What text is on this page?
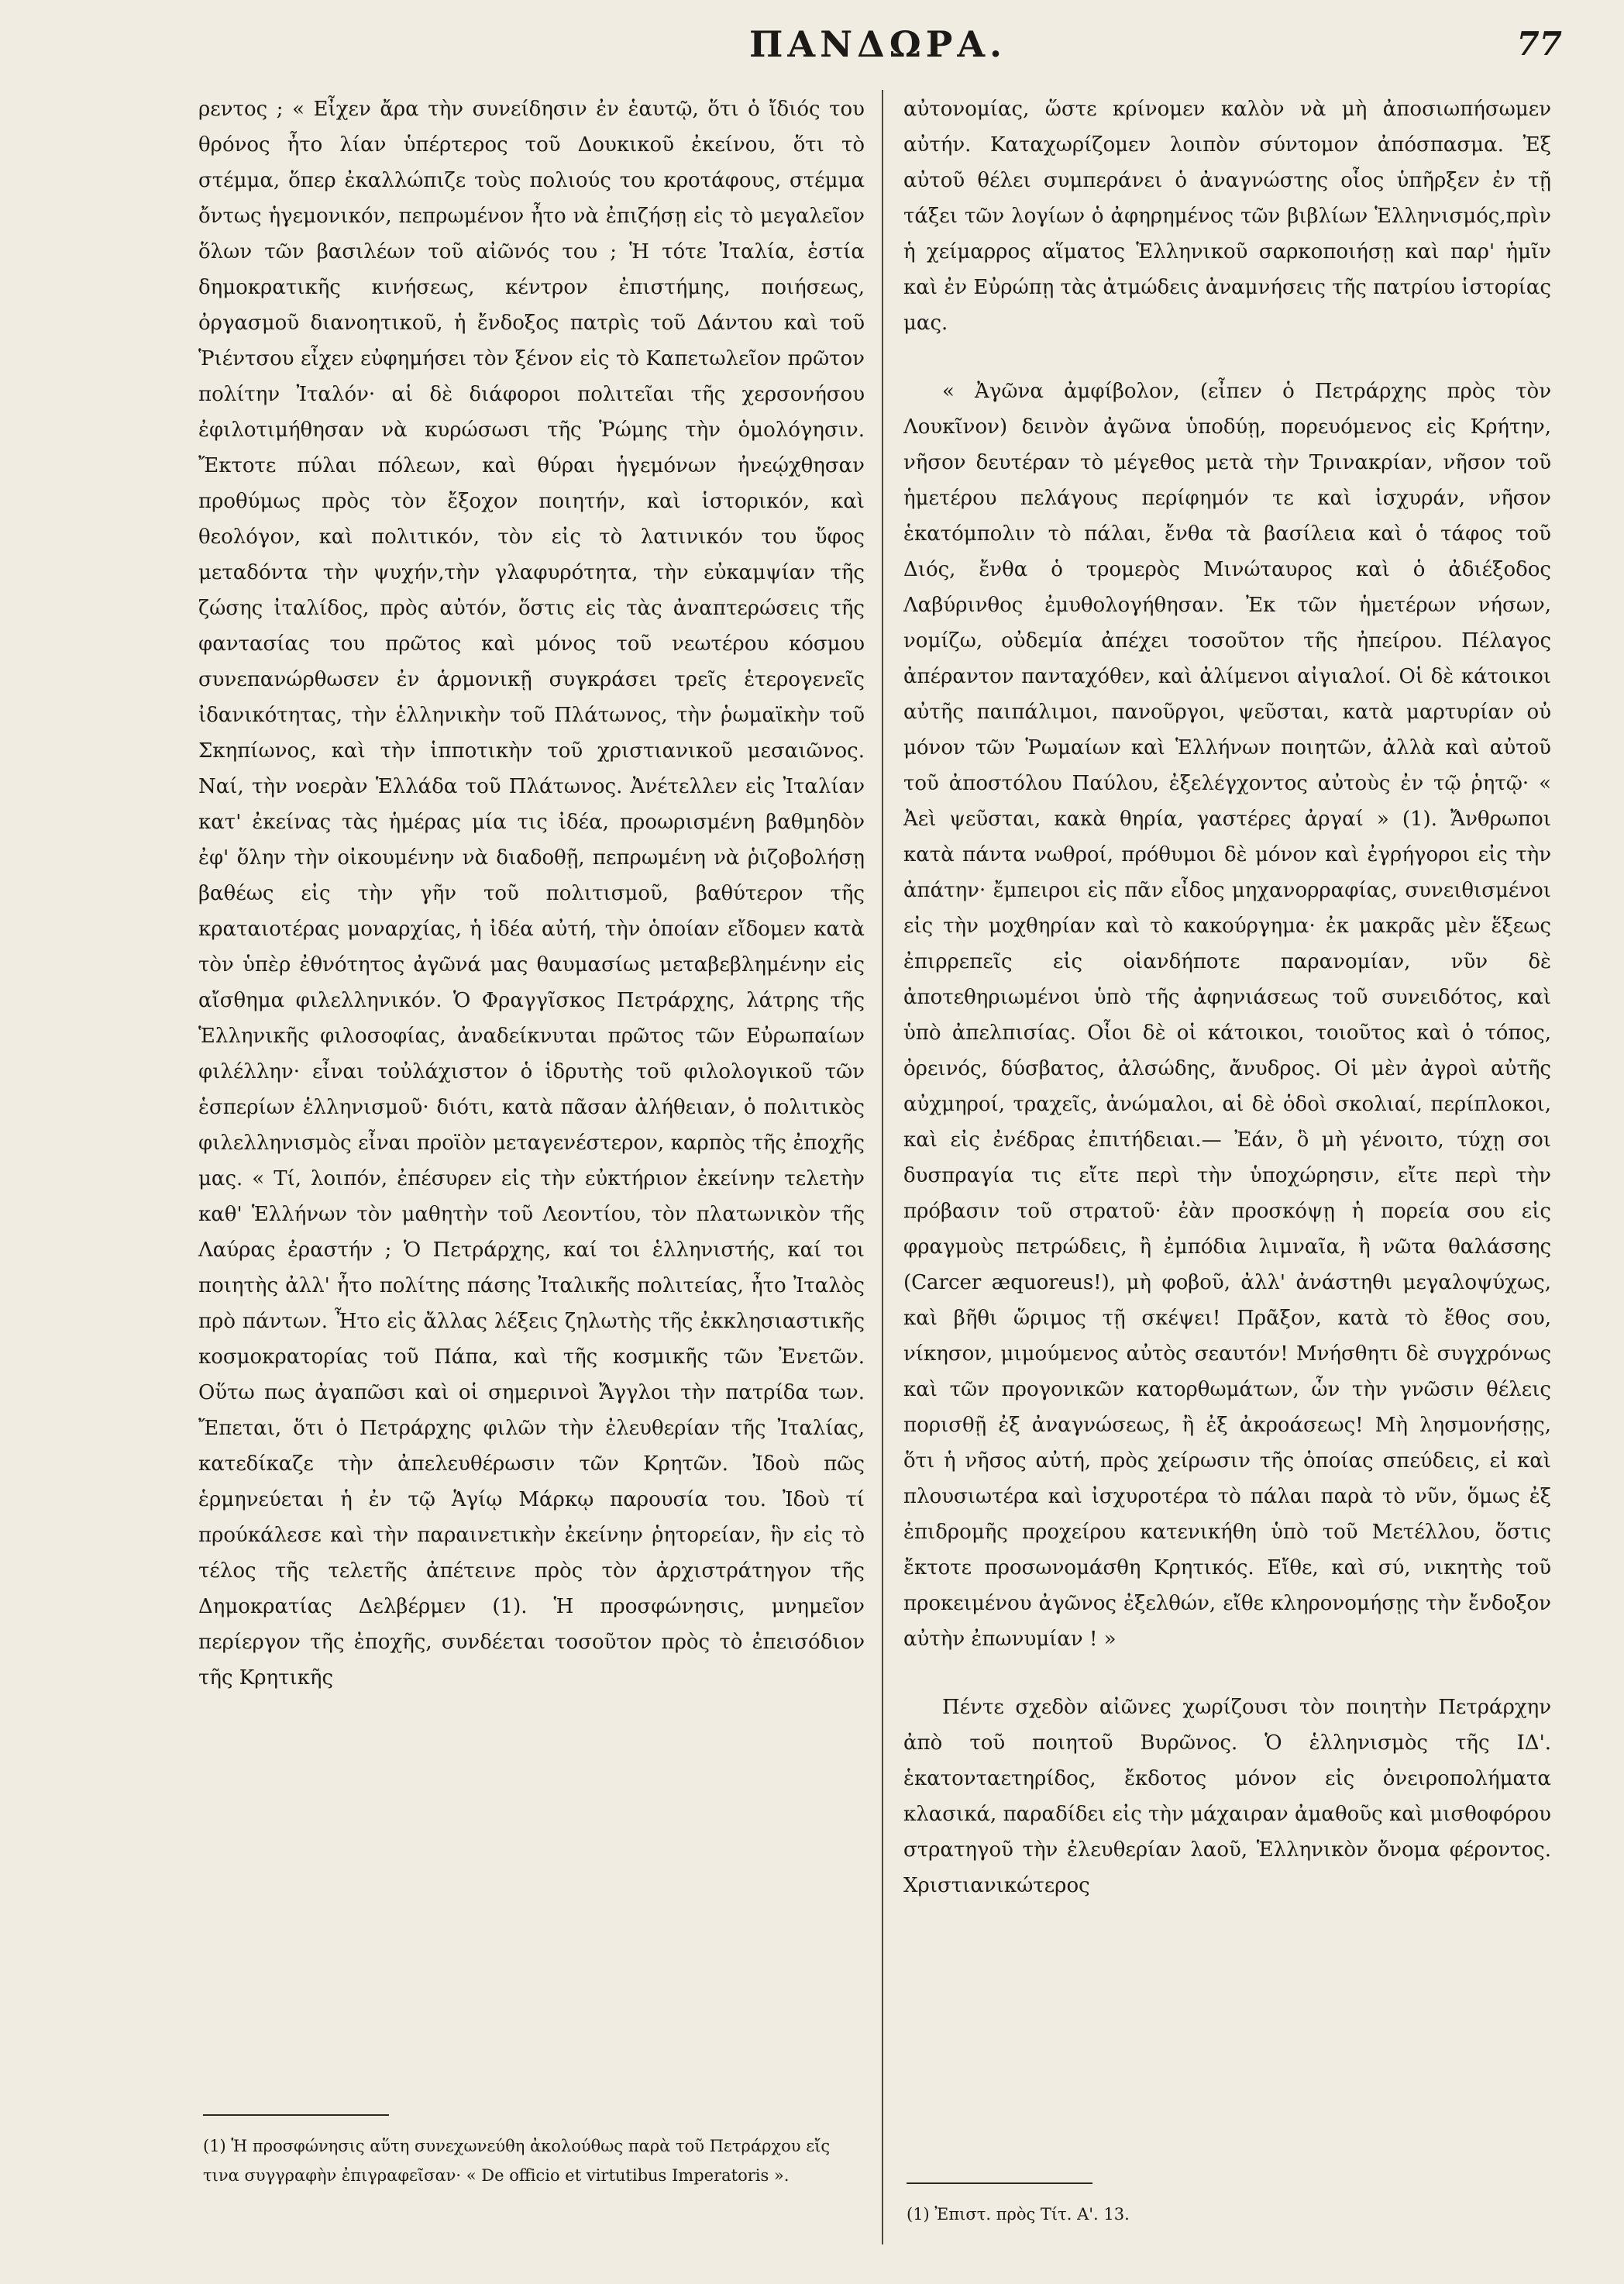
ΠΑΝΔΩΡΑ.	77

ρεντος ; « Εἶχεν ἄρα τὴν συνείδησιν ἐν ἑαυτῷ, ὅτι ὁ ἴδιός του θρόνος ἦτο λίαν ὑπέρτερος τοῦ Δουκικοῦ ἐκείνου, ὅτι τὸ στέμμα, ὅπερ ἐκαλλώπιζε τοὺς πολιούς του κροτάφους, στέμμα ὄντως ἡγεμονικόν, πεπρωμένον ἦτο νὰ ἐπιζήσῃ εἰς τὸ μεγαλεῖον ὅλων τῶν βασιλέων τοῦ αἰῶνός του ; Ἡ τότε Ἰταλία, ἑστία δημοκρατικῆς κινήσεως, κέντρον ἐπιστήμης, ποιήσεως, ὀργασμοῦ διανοητικοῦ, ἡ ἔνδοξος πατρὶς τοῦ Δάντου καὶ τοῦ Ῥιέντσου εἶχεν εὐφημήσει τὸν ξένον εἰς τὸ Καπετωλεῖον πρῶτον πολίτην Ἰταλόν· αἱ δὲ διάφοροι πολιτεῖαι τῆς χερσονήσου ἐφιλοτιμήθησαν νὰ κυρώσωσι τῆς Ῥώμης τὴν ὁμολόγησιν. Ἔκτοτε πύλαι πόλεων, καὶ θύραι ἡγεμόνων ἠνεῴχθησαν προθύμως πρὸς τὸν ἔξοχον ποιητήν, καὶ ἱστορικόν, καὶ θεολόγον, καὶ πολιτικόν, τὸν εἰς τὸ λατινικόν του ὕφος μεταδόντα τὴν ψυχήν,τὴν γλαφυρότητα, τὴν εὐκαμψίαν τῆς ζώσης ἰταλίδος, πρὸς αὐτόν, ὅστις εἰς τὰς ἀναπτερώσεις τῆς φαντασίας του πρῶτος καὶ μόνος τοῦ νεωτέρου κόσμου συνεπανώρθωσεν ἐν ἁρμονικῇ συγκράσει τρεῖς ἑτερογενεῖς ἰδανικότητας, τὴν ἑλληνικὴν τοῦ Πλάτωνος, τὴν ῥωμαϊκὴν τοῦ Σκηπίωνος, καὶ τὴν ἱπποτικὴν τοῦ χριστιανικοῦ μεσαιῶνος. Ναί, τὴν νοερὰν Ἑλλάδα τοῦ Πλάτωνος. Ἀνέτελλεν εἰς Ἰταλίαν κατ' ἐκείνας τὰς ἡμέρας μία τις ἰδέα, προωρισμένη βαθμηδὸν ἐφ' ὅλην τὴν οἰκουμένην νὰ διαδοθῇ, πεπρωμένη νὰ ῥιζοβολήσῃ βαθέως εἰς τὴν γῆν τοῦ πολιτισμοῦ, βαθύτερον τῆς κραταιοτέρας μοναρχίας, ἡ ἰδέα αὐτή, τὴν ὁποίαν εἴδομεν κατὰ τὸν ὑπὲρ ἐθνότητος ἀγῶνά μας θαυμασίως μεταβεβλημένην εἰς αἴσθημα φιλελληνικόν. Ὁ Φραγγῖσκος Πετράρχης, λάτρης τῆς Ἑλληνικῆς φιλοσοφίας, ἀναδείκνυται πρῶτος τῶν Εὐρωπαίων φιλέλλην· εἶναι τοὐλάχιστον ὁ ἱδρυτὴς τοῦ φιλολογικοῦ τῶν ἑσπερίων ἑλληνισμοῦ· διότι, κατὰ πᾶσαν ἀλήθειαν, ὁ πολιτικὸς φιλελληνισμὸς εἶναι προϊὸν μεταγενέστερον, καρπὸς τῆς ἐποχῆς μας. « Τί, λοιπόν, ἐπέσυρεν εἰς τὴν εὐκτήριον ἐκείνην τελετὴν καθ' Ἑλλήνων τὸν μαθητὴν τοῦ Λεοντίου, τὸν πλατωνικὸν τῆς Λαύρας ἐραστήν ; Ὁ Πετράρχης, καί τοι ἑλληνιστής, καί τοι ποιητὴς ἀλλ' ἦτο πολίτης πάσης Ἰταλικῆς πολιτείας, ἦτο Ἰταλὸς πρὸ πάντων. Ἦτο εἰς ἄλλας λέξεις ζηλωτὴς τῆς ἐκκλησιαστικῆς κοσμοκρατορίας τοῦ Πάπα, καὶ τῆς κοσμικῆς τῶν Ἐνετῶν. Οὕτω πως ἀγαπῶσι καὶ οἱ σημερινοὶ Ἄγγλοι τὴν πατρίδα των. Ἔπεται, ὅτι ὁ Πετράρχης φιλῶν τὴν ἐλευθερίαν τῆς Ἰταλίας, κατεδίκαζε τὴν ἀπελευθέρωσιν τῶν Κρητῶν. Ἰδοὺ πῶς ἑρμηνεύεται ἡ ἐν τῷ Ἁγίῳ Μάρκῳ παρουσία του. Ἰδοὺ τί προύκάλεσε καὶ τὴν παραινετικὴν ἐκείνην ῥητορείαν, ἣν εἰς τὸ τέλος τῆς τελετῆς ἀπέτεινε πρὸς τὸν ἀρχιστράτηγον τῆς Δημοκρατίας Δελβέρμεν (1). Ἡ προσφώνησις, μνημεῖον περίεργον τῆς ἐποχῆς, συνδέεται τοσοῦτον πρὸς τὸ ἐπεισόδιον τῆς Κρητικῆς

αὐτονομίας, ὥστε κρίνομεν καλὸν νὰ μὴ ἀποσιωπήσωμεν αὐτήν. Καταχωρίζομεν λοιπὸν σύντομον ἀπόσπασμα. Ἐξ αὐτοῦ θέλει συμπεράνει ὁ ἀναγνώστης οἷος ὑπῆρξεν ἐν τῇ τάξει τῶν λογίων ὁ ἀφηρημένος τῶν βιβλίων Ἑλληνισμός,πρὶν ἡ χείμαρρος αἵματος Ἑλληνικοῦ σαρκοποιήσῃ καὶ παρ' ἡμῖν καὶ ἐν Εὐρώπῃ τὰς ἀτμώδεις ἀναμνήσεις τῆς πατρίου ἱστορίας μας.

« Ἀγῶνα ἀμφίβολον, (εἶπεν ὁ Πετράρχης πρὸς τὸν Λουκῖνον) δεινὸν ἀγῶνα ὑποδύῃ, πορευόμενος εἰς Κρήτην, νῆσον δευτέραν τὸ μέγεθος μετὰ τὴν Τρινακρίαν, νῆσον τοῦ ἡμετέρου πελάγους περίφημόν τε καὶ ἰσχυράν, νῆσον ἑκατόμπολιν τὸ πάλαι, ἔνθα τὰ βασίλεια καὶ ὁ τάφος τοῦ Διός, ἔνθα ὁ τρομερὸς Μινώταυρος καὶ ὁ ἀδιέξοδος Λαβύρινθος ἐμυθολογήθησαν. Ἐκ τῶν ἡμετέρων νήσων, νομίζω, οὐδεμία ἀπέχει τοσοῦτον τῆς ἠπείρου. Πέλαγος ἀπέραντον πανταχόθεν, καὶ ἀλίμενοι αἰγιαλοί. Οἱ δὲ κάτοικοι αὐτῆς παιπάλιμοι, πανοῦργοι, ψεῦσται, κατὰ μαρτυρίαν οὐ μόνον τῶν Ῥωμαίων καὶ Ἑλλήνων ποιητῶν, ἀλλὰ καὶ αὐτοῦ τοῦ ἀποστόλου Παύλου, ἐξελέγχοντος αὐτοὺς ἐν τῷ ῥητῷ· « Ἀεὶ ψεῦσται, κακὰ θηρία, γαστέρες ἀργαί » (1). Ἄνθρωποι κατὰ πάντα νωθροί, πρόθυμοι δὲ μόνον καὶ ἐγρήγοροι εἰς τὴν ἀπάτην· ἔμπειροι εἰς πᾶν εἶδος μηχανορραφίας, συνειθισμένοι εἰς τὴν μοχθηρίαν καὶ τὸ κακούργημα· ἐκ μακρᾶς μὲν ἕξεως ἐπιρρεπεῖς εἰς οἱανδήποτε παρανομίαν, νῦν δὲ ἀποτεθηριωμένοι ὑπὸ τῆς ἀφηνιάσεως τοῦ συνειδότος, καὶ ὑπὸ ἀπελπισίας. Οἷοι δὲ οἱ κάτοικοι, τοιοῦτος καὶ ὁ τόπος, ὀρεινός, δύσβατος, ἀλσώδης, ἄνυδρος. Οἱ μὲν ἀγροὶ αὐτῆς αὐχμηροί, τραχεῖς, ἀνώμαλοι, αἱ δὲ ὁδοὶ σκολιαί, περίπλοκοι, καὶ εἰς ἐνέδρας ἐπιτήδειαι.— Ἐάν, ὃ μὴ γένοιτο, τύχῃ σοι δυσπραγία τις εἴτε περὶ τὴν ὑποχώρησιν, εἴτε περὶ τὴν πρόβασιν τοῦ στρατοῦ· ἐὰν προσκόψῃ ἡ πορεία σου εἰς φραγμοὺς πετρώδεις, ἢ ἐμπόδια λιμναῖα, ἢ νῶτα θαλάσσης (Carcer æquoreus!), μὴ φοβοῦ, ἀλλ' ἀνάστηθι μεγαλοψύχως, καὶ βῆθι ὥριμος τῇ σκέψει! Πρᾶξον, κατὰ τὸ ἔθος σου, νίκησον, μιμούμενος αὐτὸς σεαυτόν! Μνήσθητι δὲ συγχρόνως καὶ τῶν προγονικῶν κατορθωμάτων, ὧν τὴν γνῶσιν θέλεις πορισθῇ ἐξ ἀναγνώσεως, ἢ ἐξ ἀκροάσεως! Μὴ λησμονήσῃς, ὅτι ἡ νῆσος αὐτή, πρὸς χείρωσιν τῆς ὁποίας σπεύδεις, εἰ καὶ πλουσιωτέρα καὶ ἰσχυροτέρα τὸ πάλαι παρὰ τὸ νῦν, ὅμως ἐξ ἐπιδρομῆς προχείρου κατενικήθη ὑπὸ τοῦ Μετέλλου, ὅστις ἔκτοτε προσωνομάσθη Κρητικός. Εἴθε, καὶ σύ, νικητὴς τοῦ προκειμένου ἀγῶνος ἐξελθών, εἴθε κληρονομήσῃς τὴν ἔνδοξον αὐτὴν ἐπωνυμίαν ! »

Πέντε σχεδὸν αἰῶνες χωρίζουσι τὸν ποιητὴν Πετράρχην ἀπὸ τοῦ ποιητοῦ Βυρῶνος. Ὁ ἑλληνισμὸς τῆς ΙΔ'. ἑκατονταετηρίδος, ἔκδοτος μόνον εἰς ὀνειροπολήματα κλασικά, παραδίδει εἰς τὴν μάχαιραν ἀμαθοῦς καὶ μισθοφόρου στρατηγοῦ τὴν ἐλευθερίαν λαοῦ, Ἑλληνικὸν ὄνομα φέροντος. Χριστιανικώτερος

(1) Ἡ προσφώνησις αὕτη συνεχωνεύθη ἀκολούθως παρὰ τοῦ Πετράρχου εἴς τινα συγγραφὴν ἐπιγραφεῖσαν· « De officio et virtutibus Imperatoris ».
(1) Ἐπιστ. πρὸς Τίτ. Α'. 13.
